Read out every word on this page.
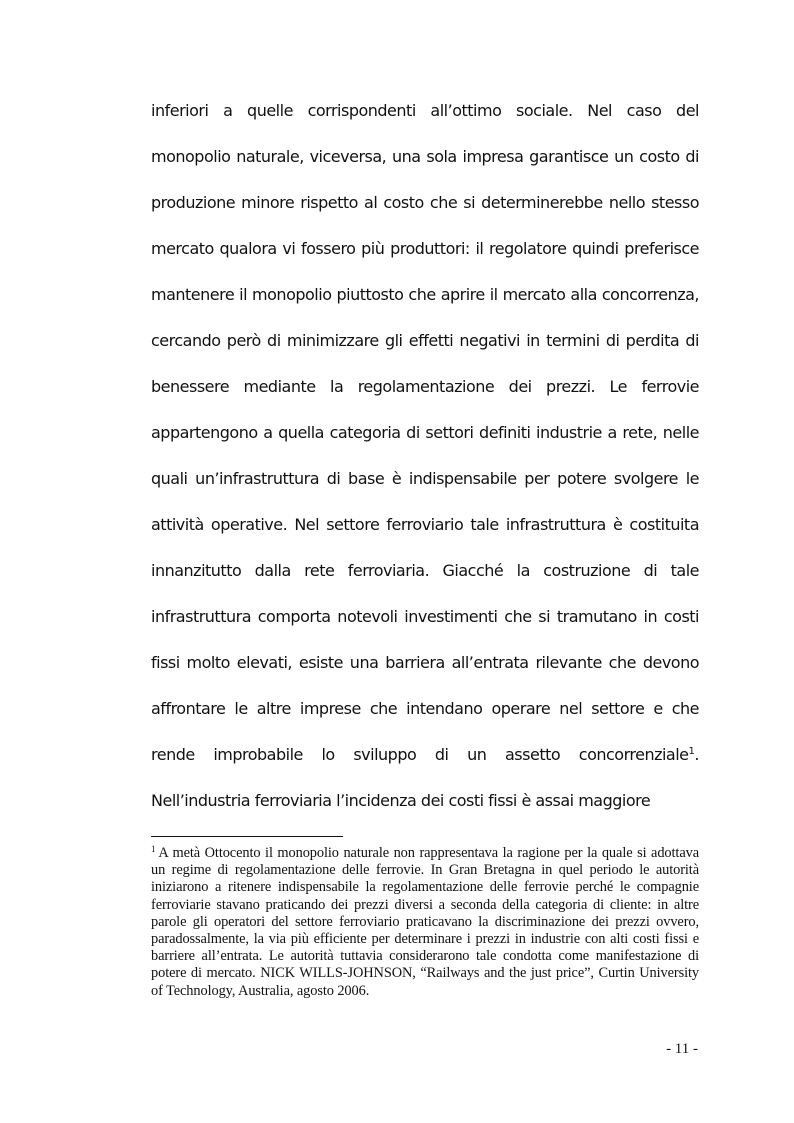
inferiori a quelle corrispondenti all’ottimo sociale. Nel caso del monopolio naturale, viceversa, una sola impresa garantisce un costo di produzione minore rispetto al costo che si determinerebbe nello stesso mercato qualora vi fossero più produttori: il regolatore quindi preferisce mantenere il monopolio piuttosto che aprire il mercato alla concorrenza, cercando però di minimizzare gli effetti negativi in termini di perdita di benessere mediante la regolamentazione dei prezzi. Le ferrovie appartengono a quella categoria di settori definiti industrie a rete, nelle quali un’infrastruttura di base è indispensabile per potere svolgere le attività operative. Nel settore ferroviario tale infrastruttura è costituita innanzitutto dalla rete ferroviaria. Giacché la costruzione di tale infrastruttura comporta notevoli investimenti che si tramutano in costi fissi molto elevati, esiste una barriera all’entrata rilevante che devono affrontare le altre imprese che intendano operare nel settore e che rende improbabile lo sviluppo di un assetto concorrenziale$^1$. Nell’industria ferroviaria l’incidenza dei costi fissi è assai maggiore

$^1$ A metà Ottocento il monopolio naturale non rappresentava la ragione per la quale si adottava un regime di regolamentazione delle ferrovie. In Gran Bretagna in quel periodo le autorità iniziarono a ritenere indispensabile la regolamentazione delle ferrovie perché le compagnie ferroviarie stavano praticando dei prezzi diversi a seconda della categoria di cliente: in altre parole gli operatori del settore ferroviario praticavano la discriminazione dei prezzi ovvero, paradossalmente, la via più efficiente per determinare i prezzi in industrie con alti costi fissi e barriere all’entrata. Le autorità tuttavia considerarono tale condotta come manifestazione di potere di mercato. NICK WILLS-JOHNSON, “Railways and the just price”, Curtin University of Technology, Australia, agosto 2006.

- 11 -
